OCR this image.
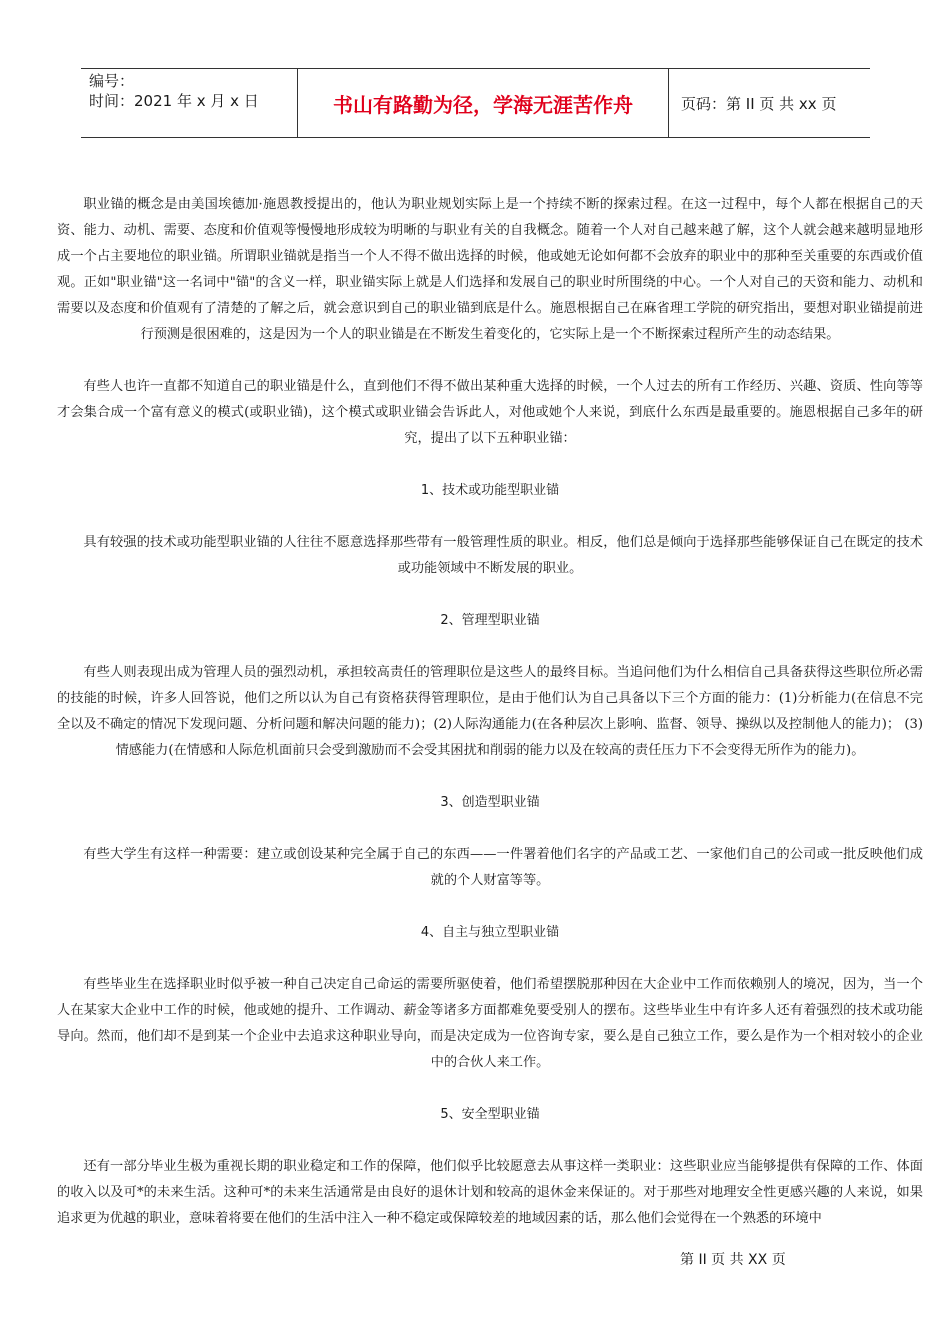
编号：
时间：2021 年 x 月 x 日	书山有路勤为径，学海无涯苦作舟	页码：第 II 页 共 xx 页

职业锚的概念是由美国埃德加·施恩教授提出的，他认为职业规划实际上是一个持续不断的探索过程。在这一过程中，每个人都在根据自己的天资、能力、动机、需要、态度和价值观等慢慢地形成较为明晰的与职业有关的自我概念。随着一个人对自己越来越了解，这个人就会越来越明显地形成一个占主要地位的职业锚。所谓职业锚就是指当一个人不得不做出选择的时候，他或她无论如何都不会放弃的职业中的那种至关重要的东西或价值观。正如"职业锚"这一名词中"锚"的含义一样，职业锚实际上就是人们选择和发展自己的职业时所围绕的中心。一个人对自己的天资和能力、动机和需要以及态度和价值观有了清楚的了解之后，就会意识到自己的职业锚到底是什么。施恩根据自己在麻省理工学院的研究指出，要想对职业锚提前进行预测是很困难的，这是因为一个人的职业锚是在不断发生着变化的，它实际上是一个不断探索过程所产生的动态结果。

有些人也许一直都不知道自己的职业锚是什么，直到他们不得不做出某种重大选择的时候，一个人过去的所有工作经历、兴趣、资质、性向等等才会集合成一个富有意义的模式(或职业锚)，这个模式或职业锚会告诉此人，对他或她个人来说，到底什么东西是最重要的。施恩根据自己多年的研究，提出了以下五种职业锚：

1、技术或功能型职业锚

具有较强的技术或功能型职业锚的人往往不愿意选择那些带有一般管理性质的职业。相反，他们总是倾向于选择那些能够保证自己在既定的技术或功能领域中不断发展的职业。

2、管理型职业锚

有些人则表现出成为管理人员的强烈动机，承担较高责任的管理职位是这些人的最终目标。当追问他们为什么相信自己具备获得这些职位所必需的技能的时候，许多人回答说，他们之所以认为自己有资格获得管理职位，是由于他们认为自己具备以下三个方面的能力：(1)分析能力(在信息不完全以及不确定的情况下发现问题、分析问题和解决问题的能力)；(2)人际沟通能力(在各种层次上影响、监督、领导、操纵以及控制他人的能力)； (3)情感能力(在情感和人际危机面前只会受到激励而不会受其困扰和削弱的能力以及在较高的责任压力下不会变得无所作为的能力)。

3、创造型职业锚

有些大学生有这样一种需要：建立或创设某种完全属于自己的东西——一件署着他们名字的产品或工艺、一家他们自己的公司或一批反映他们成就的个人财富等等。

4、自主与独立型职业锚

有些毕业生在选择职业时似乎被一种自己决定自己命运的需要所驱使着，他们希望摆脱那种因在大企业中工作而依赖别人的境况，因为，当一个人在某家大企业中工作的时候，他或她的提升、工作调动、薪金等诸多方面都难免要受别人的摆布。这些毕业生中有许多人还有着强烈的技术或功能导向。然而，他们却不是到某一个企业中去追求这种职业导向，而是决定成为一位咨询专家，要么是自己独立工作，要么是作为一个相对较小的企业中的合伙人来工作。

5、安全型职业锚

还有一部分毕业生极为重视长期的职业稳定和工作的保障，他们似乎比较愿意去从事这样一类职业：这些职业应当能够提供有保障的工作、体面的收入以及可*的未来生活。这种可*的未来生活通常是由良好的退休计划和较高的退休金来保证的。对于那些对地理安全性更感兴趣的人来说，如果追求更为优越的职业，意味着将要在他们的生活中注入一种不稳定或保障较差的地域因素的话，那么他们会觉得在一个熟悉的环境中

第 II 页 共 XX 页
